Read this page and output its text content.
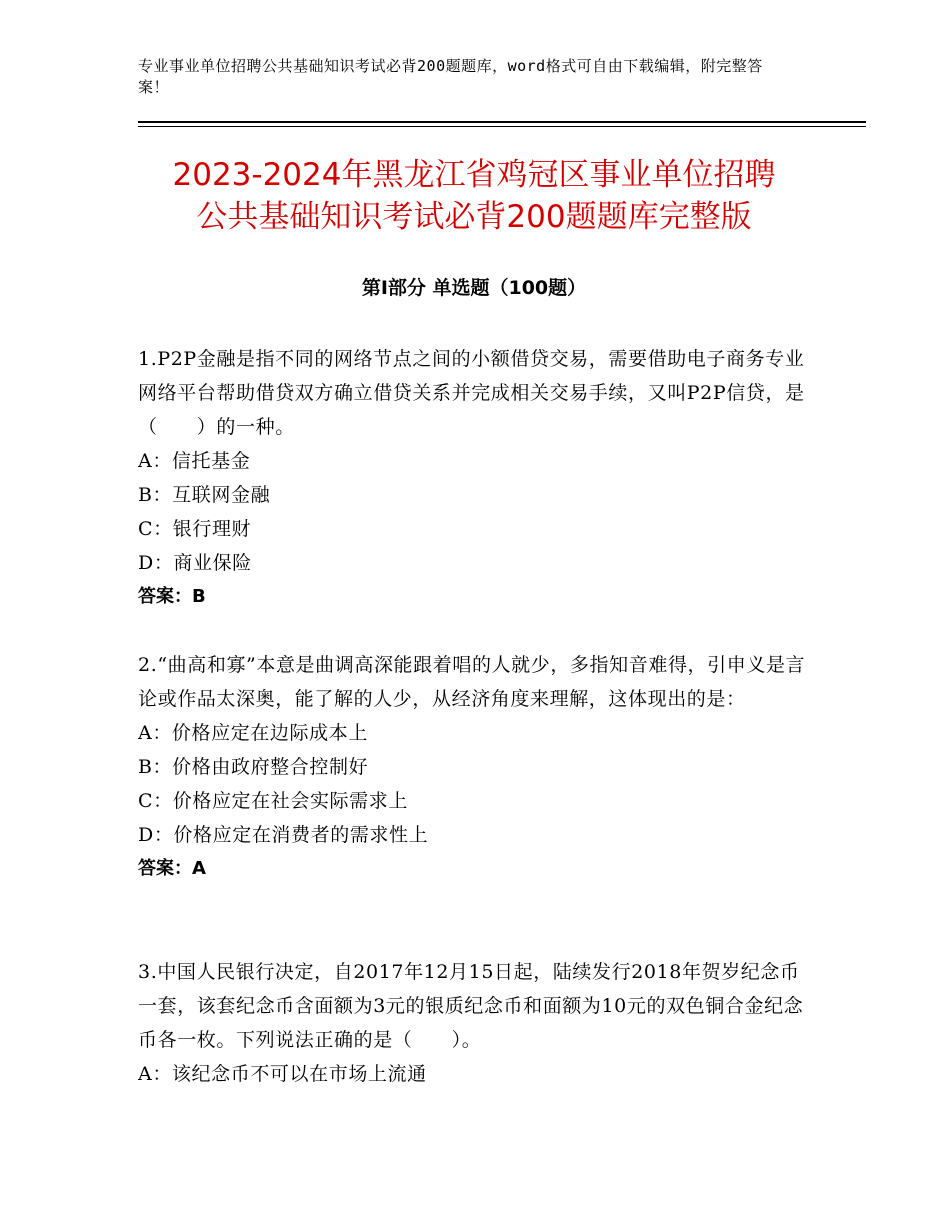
专业事业单位招聘公共基础知识考试必背200题题库，word格式可自由下载编辑，附完整答案！
2023-2024年黑龙江省鸡冠区事业单位招聘
公共基础知识考试必背200题题库完整版
第Ⅰ部分 单选题（100题）

1.P2P金融是指不同的网络节点之间的小额借贷交易，需要借助电子商务专业网络平台帮助借贷双方确立借贷关系并完成相关交易手续，又叫P2P信贷，是（　　）的一种。

A：信托基金

B：互联网金融

C：银行理财

D：商业保险

答案：B

2.“曲高和寡”本意是曲调高深能跟着唱的人就少，多指知音难得，引申义是言论或作品太深奥，能了解的人少，从经济角度来理解，这体现出的是：

A：价格应定在边际成本上

B：价格由政府整合控制好

C：价格应定在社会实际需求上

D：价格应定在消费者的需求性上

答案：A

3.中国人民银行决定，自2017年12月15日起，陆续发行2018年贺岁纪念币一套，该套纪念币含面额为3元的银质纪念币和面额为10元的双色铜合金纪念币各一枚。下列说法正确的是（　　）。

A：该纪念币不可以在市场上流通
